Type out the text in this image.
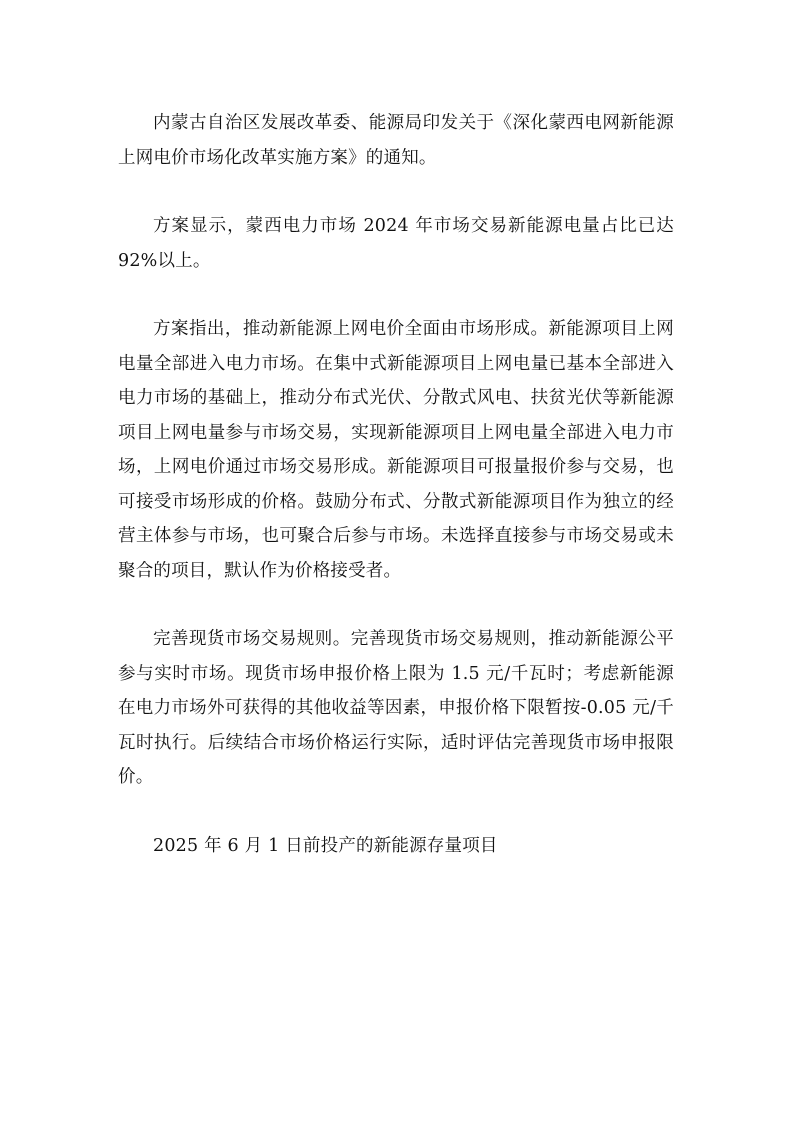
内蒙古自治区发展改革委、能源局印发关于《深化蒙西电网新能源上网电价市场化改革实施方案》的通知。

方案显示，蒙西电力市场 2024 年市场交易新能源电量占比已达92%以上。

方案指出，推动新能源上网电价全面由市场形成。新能源项目上网电量全部进入电力市场。在集中式新能源项目上网电量已基本全部进入电力市场的基础上，推动分布式光伏、分散式风电、扶贫光伏等新能源项目上网电量参与市场交易，实现新能源项目上网电量全部进入电力市场，上网电价通过市场交易形成。新能源项目可报量报价参与交易，也可接受市场形成的价格。鼓励分布式、分散式新能源项目作为独立的经营主体参与市场，也可聚合后参与市场。未选择直接参与市场交易或未聚合的项目，默认作为价格接受者。

完善现货市场交易规则。完善现货市场交易规则，推动新能源公平参与实时市场。现货市场申报价格上限为 1.5 元/千瓦时；考虑新能源在电力市场外可获得的其他收益等因素，申报价格下限暂按-0.05 元/千瓦时执行。后续结合市场价格运行实际，适时评估完善现货市场申报限价。

2025 年 6 月 1 日前投产的新能源存量项目
